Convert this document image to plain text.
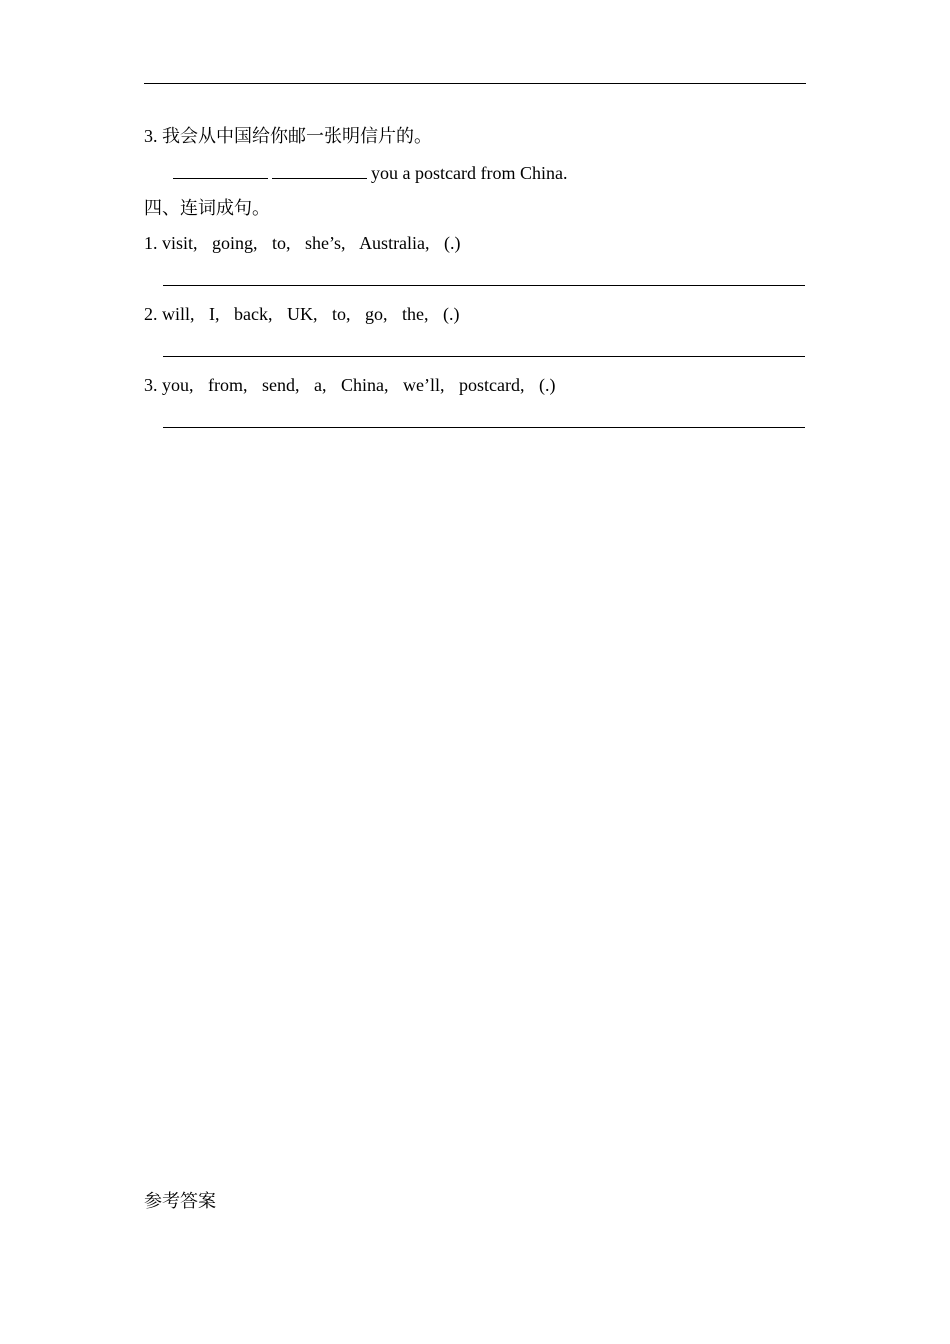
3. 我会从中国给你邮一张明信片的。
you a postcard from China.
四、连词成句。
1. visit, going, to, she’s, Australia, (.)
2. will, I, back, UK, to, go, the, (.)
3. you, from, send, a, China, we’ll, postcard, (.)
参考答案
